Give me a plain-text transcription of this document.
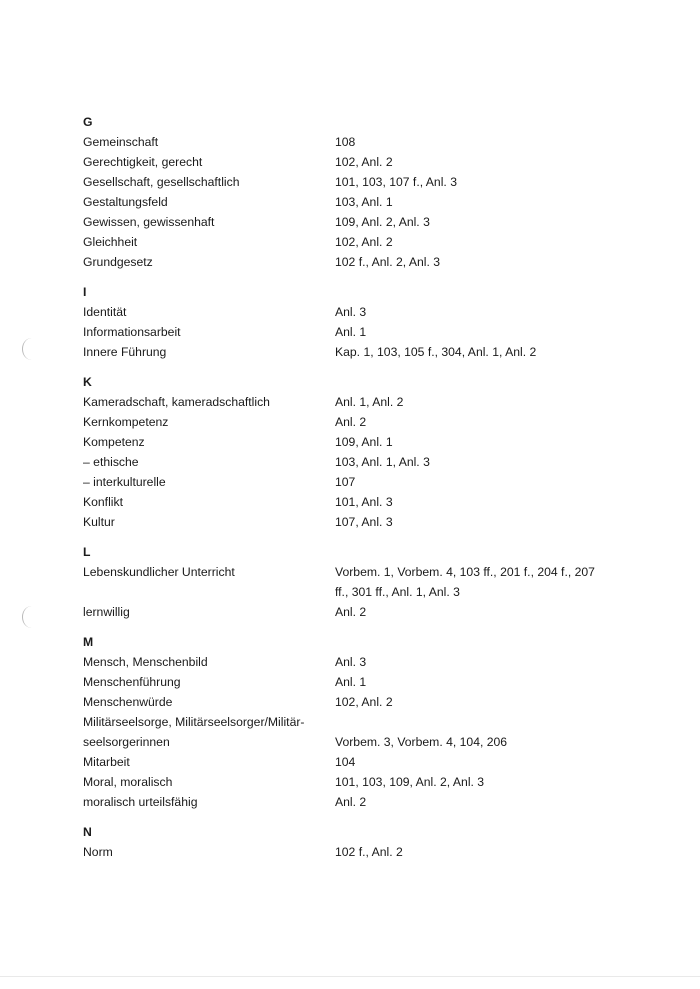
G
Gemeinschaft	108
Gerechtigkeit, gerecht	102, Anl. 2
Gesellschaft, gesellschaftlich	101, 103, 107 f., Anl. 3
Gestaltungsfeld	103, Anl. 1
Gewissen, gewissenhaft	109, Anl. 2, Anl. 3
Gleichheit	102, Anl. 2
Grundgesetz	102 f., Anl. 2, Anl. 3
I
Identität	Anl. 3
Informationsarbeit	Anl. 1
Innere Führung	Kap. 1, 103, 105 f., 304, Anl. 1, Anl. 2
K
Kameradschaft, kameradschaftlich	Anl. 1, Anl. 2
Kernkompetenz	Anl. 2
Kompetenz	109, Anl. 1
– ethische	103, Anl. 1, Anl. 3
– interkulturelle	107
Konflikt	101, Anl. 3
Kultur	107, Anl. 3
L
Lebenskundlicher Unterricht	Vorbem. 1, Vorbem. 4, 103 ff., 201 f., 204 f., 207
ff., 301 ff., Anl. 1, Anl. 3
lernwillig	Anl. 2
M
Mensch, Menschenbild	Anl. 3
Menschenführung	Anl. 1
Menschenwürde	102, Anl. 2
Militärseelsorge, Militärseelsorger/Militär-
seelsorgerinnen	Vorbem. 3, Vorbem. 4, 104, 206
Mitarbeit	104
Moral, moralisch	101, 103, 109, Anl. 2, Anl. 3
moralisch urteilsfähig	Anl. 2
N
Norm	102 f., Anl. 2
